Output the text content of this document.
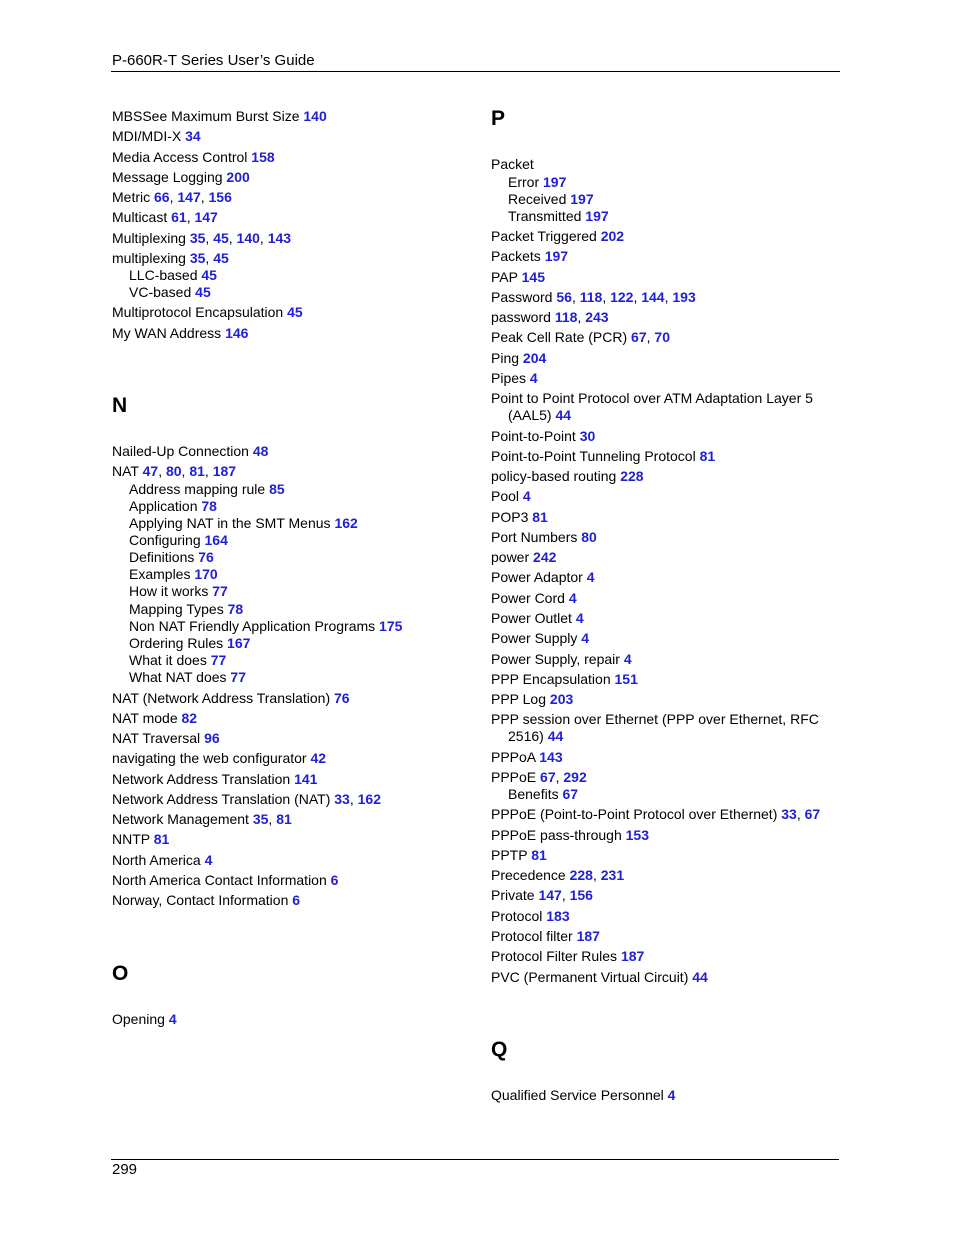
P-660R-T Series User’s Guide
MBSSee Maximum Burst Size 140
MDI/MDI-X 34
Media Access Control 158
Message Logging 200
Metric 66, 147, 156
Multicast 61, 147
Multiplexing 35, 45, 140, 143
multiplexing 35, 45
LLC-based 45
VC-based 45
Multiprotocol Encapsulation 45
My WAN Address 146
N
Nailed-Up Connection 48
NAT 47, 80, 81, 187
Address mapping rule 85
Application 78
Applying NAT in the SMT Menus 162
Configuring 164
Definitions 76
Examples 170
How it works 77
Mapping Types 78
Non NAT Friendly Application Programs 175
Ordering Rules 167
What it does 77
What NAT does 77
NAT (Network Address Translation) 76
NAT mode 82
NAT Traversal 96
navigating the web configurator 42
Network Address Translation 141
Network Address Translation (NAT) 33, 162
Network Management 35, 81
NNTP 81
North America 4
North America Contact Information 6
Norway, Contact Information 6
O
Opening 4
P
Packet
Error 197
Received 197
Transmitted 197
Packet Triggered 202
Packets 197
PAP 145
Password 56, 118, 122, 144, 193
password 118, 243
Peak Cell Rate (PCR) 67, 70
Ping 204
Pipes 4
Point to Point Protocol over ATM Adaptation Layer 5
(AAL5) 44
Point-to-Point 30
Point-to-Point Tunneling Protocol 81
policy-based routing 228
Pool 4
POP3 81
Port Numbers 80
power 242
Power Adaptor 4
Power Cord 4
Power Outlet 4
Power Supply 4
Power Supply, repair 4
PPP Encapsulation 151
PPP Log 203
PPP session over Ethernet (PPP over Ethernet, RFC
2516) 44
PPPoA 143
PPPoE 67, 292
Benefits 67
PPPoE (Point-to-Point Protocol over Ethernet) 33, 67
PPPoE pass-through 153
PPTP 81
Precedence 228, 231
Private 147, 156
Protocol 183
Protocol filter 187
Protocol Filter Rules 187
PVC (Permanent Virtual Circuit) 44
Q
Qualified Service Personnel 4
299
